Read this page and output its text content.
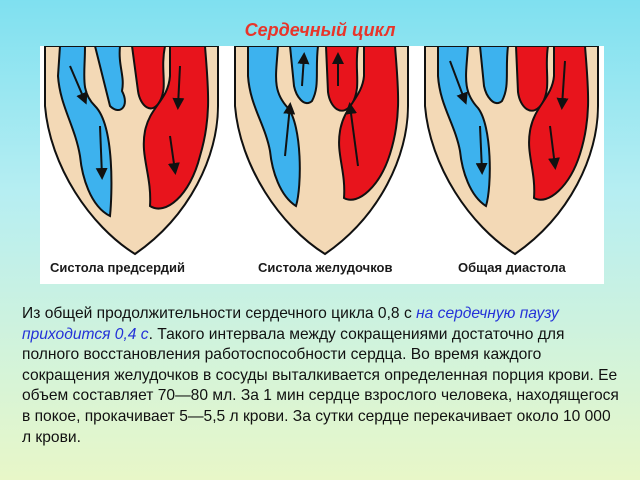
Сердечный цикл
Систола предсердий	Систола желудочков	Общая диастола
Из общей продолжительности сердечного цикла 0,8 с на сердечную паузу приходится 0,4 с. Такого интервала между сокращениями достаточно для полного восстановления работоспособности сердца. Во время каждого сокращения желудочков в сосуды выталкивается определенная порция крови. Ее объем составляет 70—80 мл. За 1 мин сердце взрослого человека, находящегося в покое, прокачивает 5—5,5 л крови. За сутки сердце перекачивает около 10 000 л крови.
